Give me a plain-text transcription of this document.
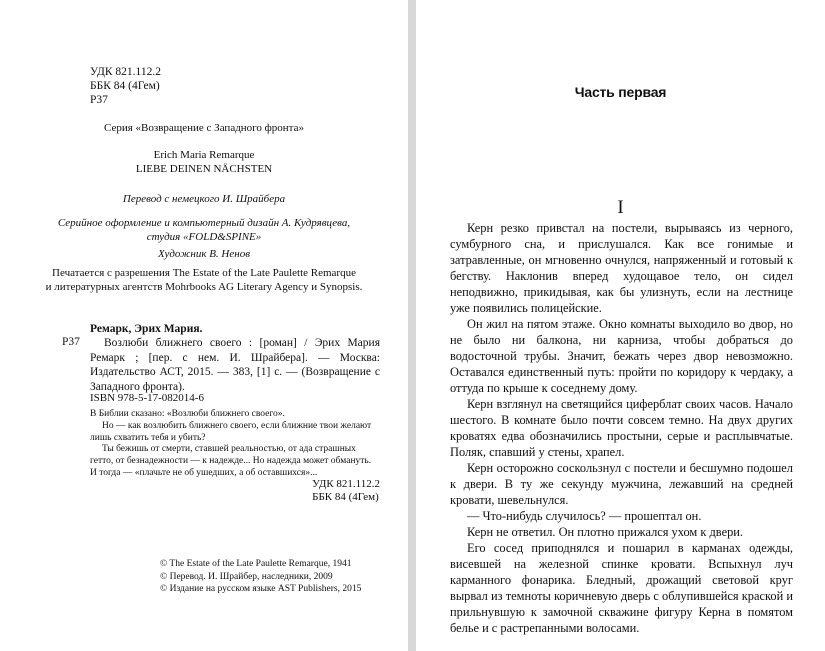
УДК 821.112.2
ББК 84 (4Гем)
Р37
Серия «Возвращение с Западного фронта»
Erich Maria Remarque
LIEBE DEINEN NÄCHSTEN
Перевод с немецкого И. Шрайбера
Серийное оформление и компьютерный дизайн А. Кудрявцева,
студия «FOLD&SPINE»
Художник В. Ненов
Печатается с разрешения The Estate of the Late Paulette Remarque
и литературных агентств Mohrbooks AG Literary Agency и Synopsis.
Ремарк, Эрих Мария.
Р37	Возлюби ближнего своего : [роман] / Эрих Мария Ремарк ; [пер. с нем. И. Шрайбера]. — Москва: Издательство АСТ, 2015. — 383, [1] с. — (Возвращение с Западного фронта).
ISBN 978-5-17-082014-6

В Библии сказано: «Возлюби ближнего своего».

Но — как возлюбить ближнего своего, если ближние твои желают лишь схватить тебя и убить?

Ты бежишь от смерти, ставшей реальностью, от ада страшных гетто, от безнадежности — к надежде... Но надежда может обмануть. И тогда — «плачьте не об ушедших, а об оставшихся»...

УДК 821.112.2
ББК 84 (4Гем)
© The Estate of the Late Paulette Remarque, 1941
© Перевод. И. Шрайбер, наследники, 2009
© Издание на русском языке AST Publishers, 2015
Часть первая
I

Керн резко привстал на постели, вырываясь из черного, сумбурного сна, и прислушался. Как все гонимые и затравленные, он мгновенно очнулся, напряженный и готовый к бегству. Наклонив вперед худощавое тело, он сидел неподвижно, прикидывая, как бы улизнуть, если на лестнице уже появились полицейские.

Он жил на пятом этаже. Окно комнаты выходило во двор, но не было ни балкона, ни карниза, чтобы добраться до водосточной трубы. Значит, бежать через двор невозможно. Оставался единственный путь: пройти по коридору к чердаку, а оттуда по крыше к соседнему дому.

Керн взглянул на светящийся циферблат своих часов. Начало шестого. В комнате было почти совсем темно. На двух других кроватях едва обозначились простыни, серые и расплывчатые. Поляк, спавший у стены, храпел.

Керн осторожно соскользнул с постели и бесшумно подошел к двери. В ту же секунду мужчина, лежавший на средней кровати, шевельнулся.

— Что-нибудь случилось? — прошептал он.

Керн не ответил. Он плотно прижался ухом к двери.

Его сосед приподнялся и пошарил в карманах одежды, висевшей на железной спинке кровати. Вспыхнул луч карманного фонарика. Бледный, дрожащий световой круг вырвал из темноты коричневую дверь с облупившейся краской и прильнувшую к замочной скважине фигуру Керна в помятом белье и с растрепанными волосами.
